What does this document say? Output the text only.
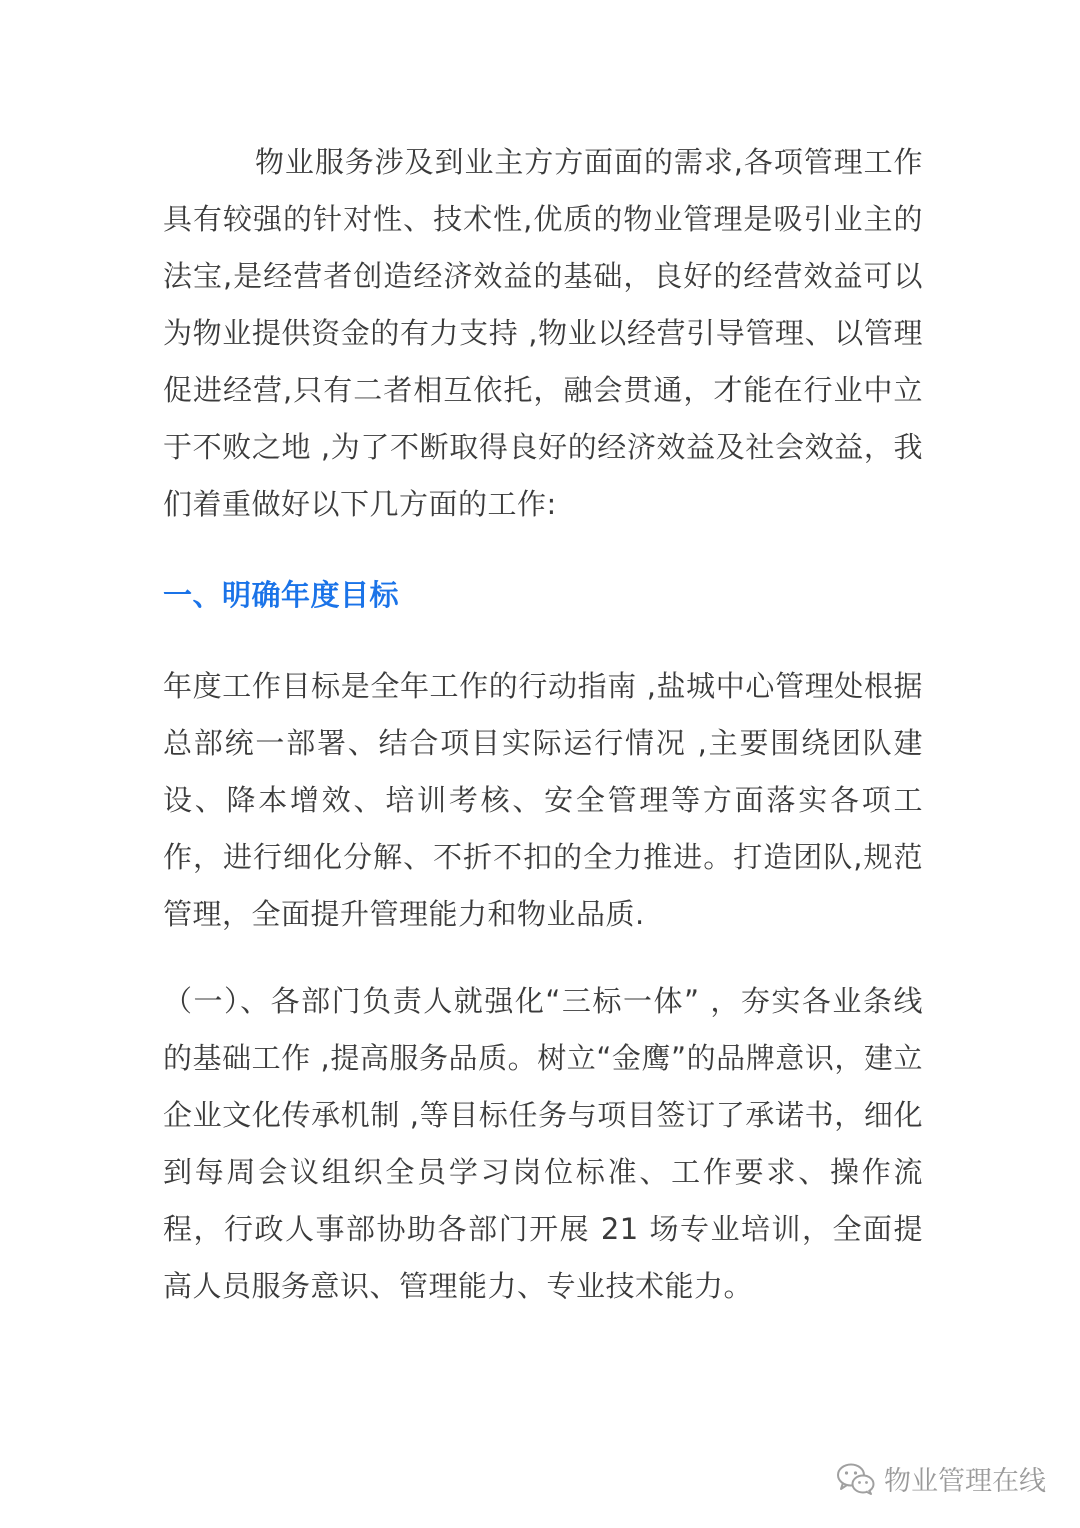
物业服务涉及到业主方方面面的需求,各项管理工作具有较强的针对性、技术性,优质的物业管理是吸引业主的法宝,是经营者创造经济效益的基础，良好的经营效益可以为物业提供资金的有力支持 ,物业以经营引导管理、以管理促进经营,只有二者相互依托，融会贯通，才能在行业中立于不败之地 ,为了不断取得良好的经济效益及社会效益，我们着重做好以下几方面的工作:

一、明确年度目标

年度工作目标是全年工作的行动指南 ,盐城中心管理处根据总部统一部署、结合项目实际运行情况 ,主要围绕团队建设、降本增效、培训考核、安全管理等方面落实各项工作，进行细化分解、不折不扣的全力推进。打造团队,规范管理，全面提升管理能力和物业品质.

（一）、各部门负责人就强化“三标一体” ，夯实各业条线的基础工作 ,提高服务品质。树立“金鹰”的品牌意识，建立企业文化传承机制 ,等目标任务与项目签订了承诺书，细化到每周会议组织全员学习岗位标准、工作要求、操作流程，行政人事部协助各部门开展 21 场专业培训，全面提高人员服务意识、管理能力、专业技术能力。

物业管理在线
